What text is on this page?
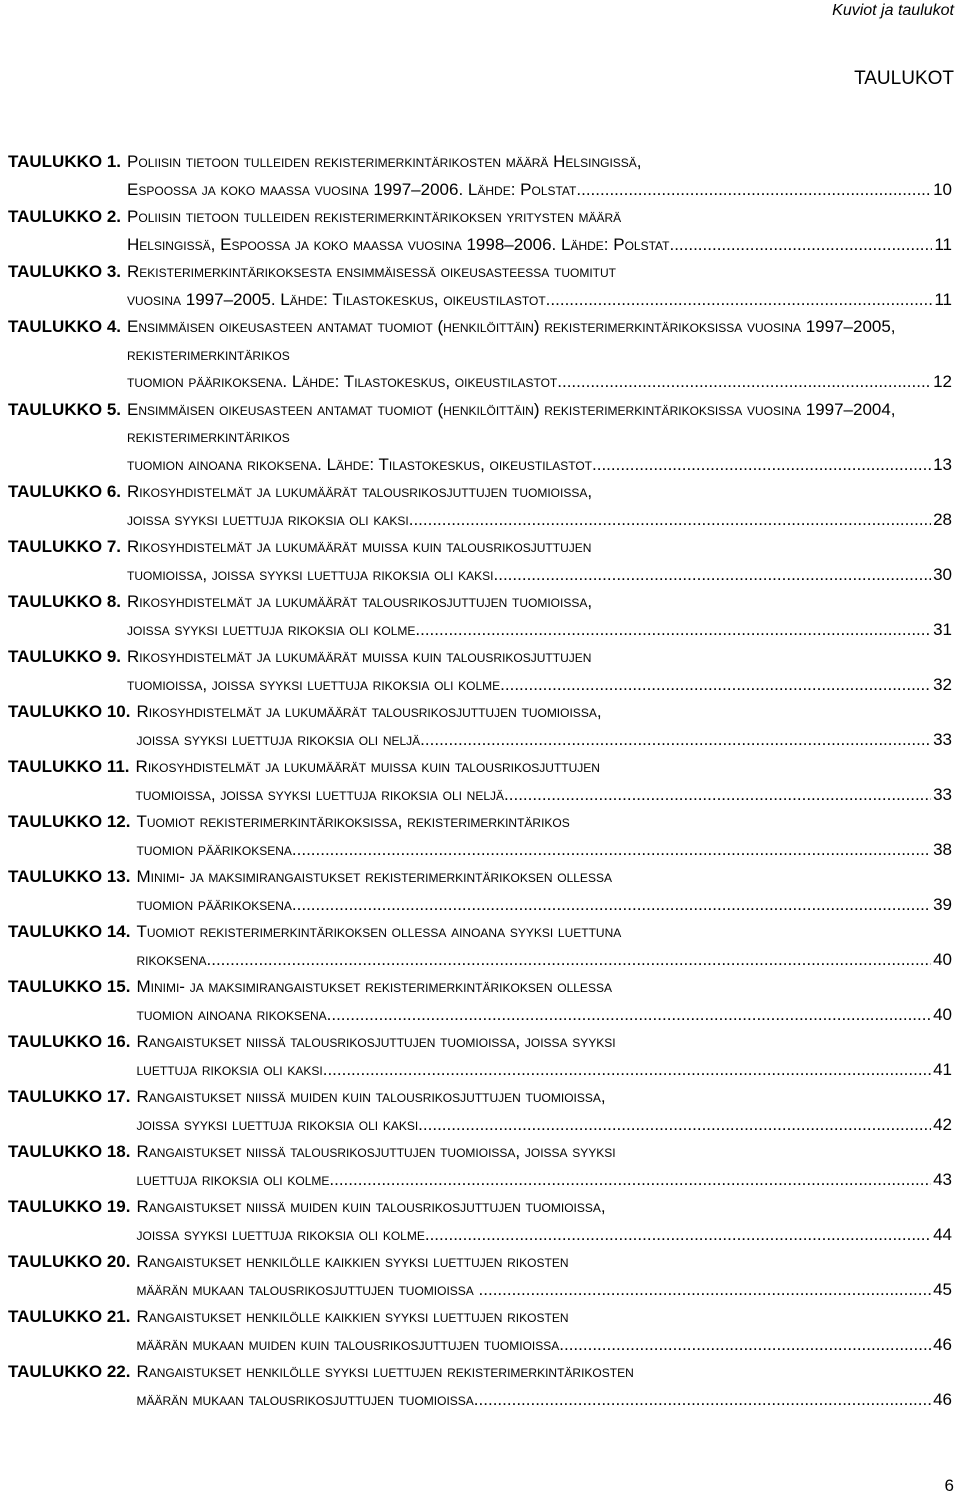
Kuviot ja taulukot
TAULUKOT
TAULUKKO 1. Poliisin tietoon tulleiden rekisterimerkintärikosten määrä Helsingissä,
Espoossa ja koko maassa vuosina 1997–2006. Lähde: Polstat. .....	10
TAULUKKO 2. Poliisin tietoon tulleiden rekisterimerkintärikoksen yritysten määrä
Helsingissä, Espoossa ja koko maassa vuosina 1998–2006. Lähde: Polstat. .....	11
TAULUKKO 3. Rekisterimerkintärikoksesta ensimmäisessä oikeusasteessa tuomitut
vuosina 1997–2005. Lähde: Tilastokeskus, oikeustilastot. .....	11
TAULUKKO 4. Ensimmäisen oikeusasteen antamat tuomiot (henkilöittäin) rekisterimerkintärikoksissa vuosina 1997–2005, rekisterimerkintärikos
tuomion päärikoksena. Lähde: Tilastokeskus, oikeustilastot. .....	12
TAULUKKO 5. Ensimmäisen oikeusasteen antamat tuomiot (henkilöittäin) rekisterimerkintärikoksissa vuosina 1997–2004, rekisterimerkintärikos
tuomion ainoana rikoksena. Lähde: Tilastokeskus, oikeustilastot. .....	13
TAULUKKO 6. Rikosyhdistelmät ja lukumäärät talousrikosjuttujen tuomioissa,
joissa syyksi luettuja rikoksia oli kaksi. .....	28
TAULUKKO 7. Rikosyhdistelmät ja lukumäärät muissa kuin talousrikosjuttujen
tuomioissa, joissa syyksi luettuja rikoksia oli kaksi. .....	30
TAULUKKO 8. Rikosyhdistelmät ja lukumäärät talousrikosjuttujen tuomioissa,
joissa syyksi luettuja rikoksia oli kolme. .....	31
TAULUKKO 9. Rikosyhdistelmät ja lukumäärät muissa kuin talousrikosjuttujen
tuomioissa, joissa syyksi luettuja rikoksia oli kolme. .....	32
TAULUKKO 10. Rikosyhdistelmät ja lukumäärät talousrikosjuttujen tuomioissa,
joissa syyksi luettuja rikoksia oli neljä. .....	33
TAULUKKO 11. Rikosyhdistelmät ja lukumäärät muissa kuin talousrikosjuttujen
tuomioissa, joissa syyksi luettuja rikoksia oli neljä. .....	33
TAULUKKO 12. Tuomiot rekisterimerkintärikoksissa, rekisterimerkintärikos
tuomion päärikoksena. .....	38
TAULUKKO 13. Minimi- ja maksimirangaistukset rekisterimerkintärikoksen ollessa
tuomion päärikoksena. .....	39
TAULUKKO 14. Tuomiot rekisterimerkintärikoksen ollessa ainoana syyksi luettuna
rikoksena. .....	40
TAULUKKO 15. Minimi- ja maksimirangaistukset rekisterimerkintärikoksen ollessa
tuomion ainoana rikoksena. .....	40
TAULUKKO 16. Rangaistukset niissä talousrikosjuttujen tuomioissa, joissa syyksi
luettuja rikoksia oli kaksi. .....	41
TAULUKKO 17. Rangaistukset niissä muiden kuin talousrikosjuttujen tuomioissa,
joissa syyksi luettuja rikoksia oli kaksi. .....	42
TAULUKKO 18. Rangaistukset niissä talousrikosjuttujen tuomioissa, joissa syyksi
luettuja rikoksia oli kolme. .....	43
TAULUKKO 19. Rangaistukset niissä muiden kuin talousrikosjuttujen tuomioissa,
joissa syyksi luettuja rikoksia oli kolme. .....	44
TAULUKKO 20. Rangaistukset henkilölle kaikkien syyksi luettujen rikosten
määrän mukaan talousrikosjuttujen tuomioissa . .....	45
TAULUKKO 21. Rangaistukset henkilölle kaikkien syyksi luettujen rikosten
määrän mukaan muiden kuin talousrikosjuttujen tuomioissa. .....	46
TAULUKKO 22. Rangaistukset henkilölle syyksi luettujen rekisterimerkintärikosten
määrän mukaan talousrikosjuttujen tuomioissa. .....	46
6
